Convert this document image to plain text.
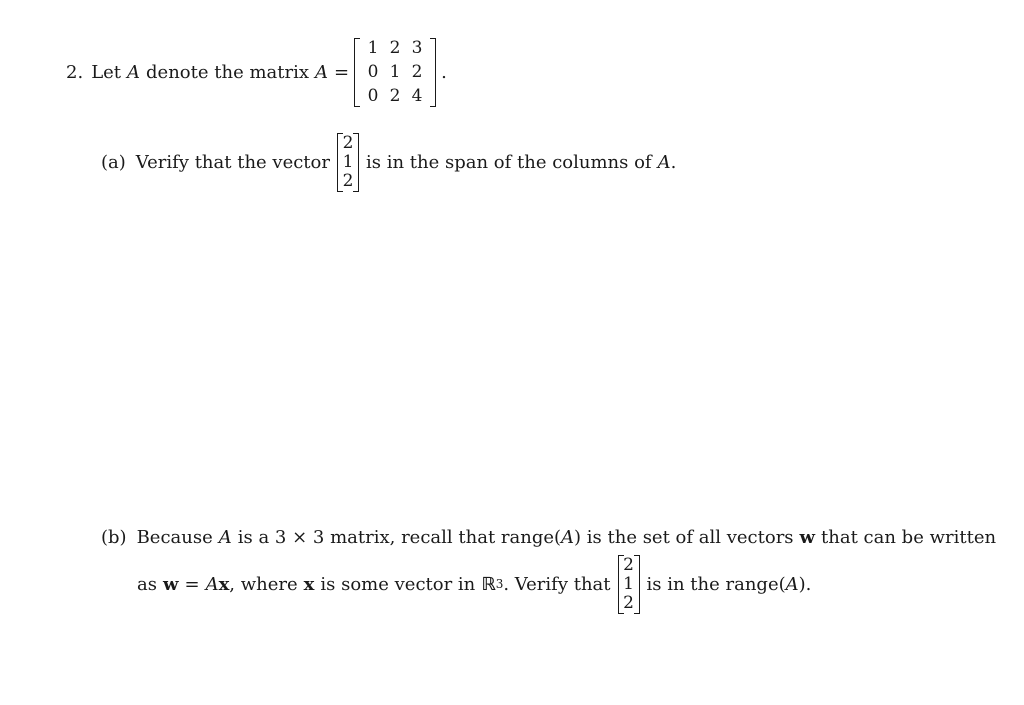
2. Let A denote the matrix A =
1 2 3
0 1 2
0 2 4
.
(a) Verify that the vector
2
1
2
is in the span of the columns of A .
(b) Because A is a 3 × 3 matrix, recall that range( A ) is the set of all vectors w that can be written
as w = A x , where x is some vector in ℝ 3 . Verify that
2
1
2
is in the range( A ).
